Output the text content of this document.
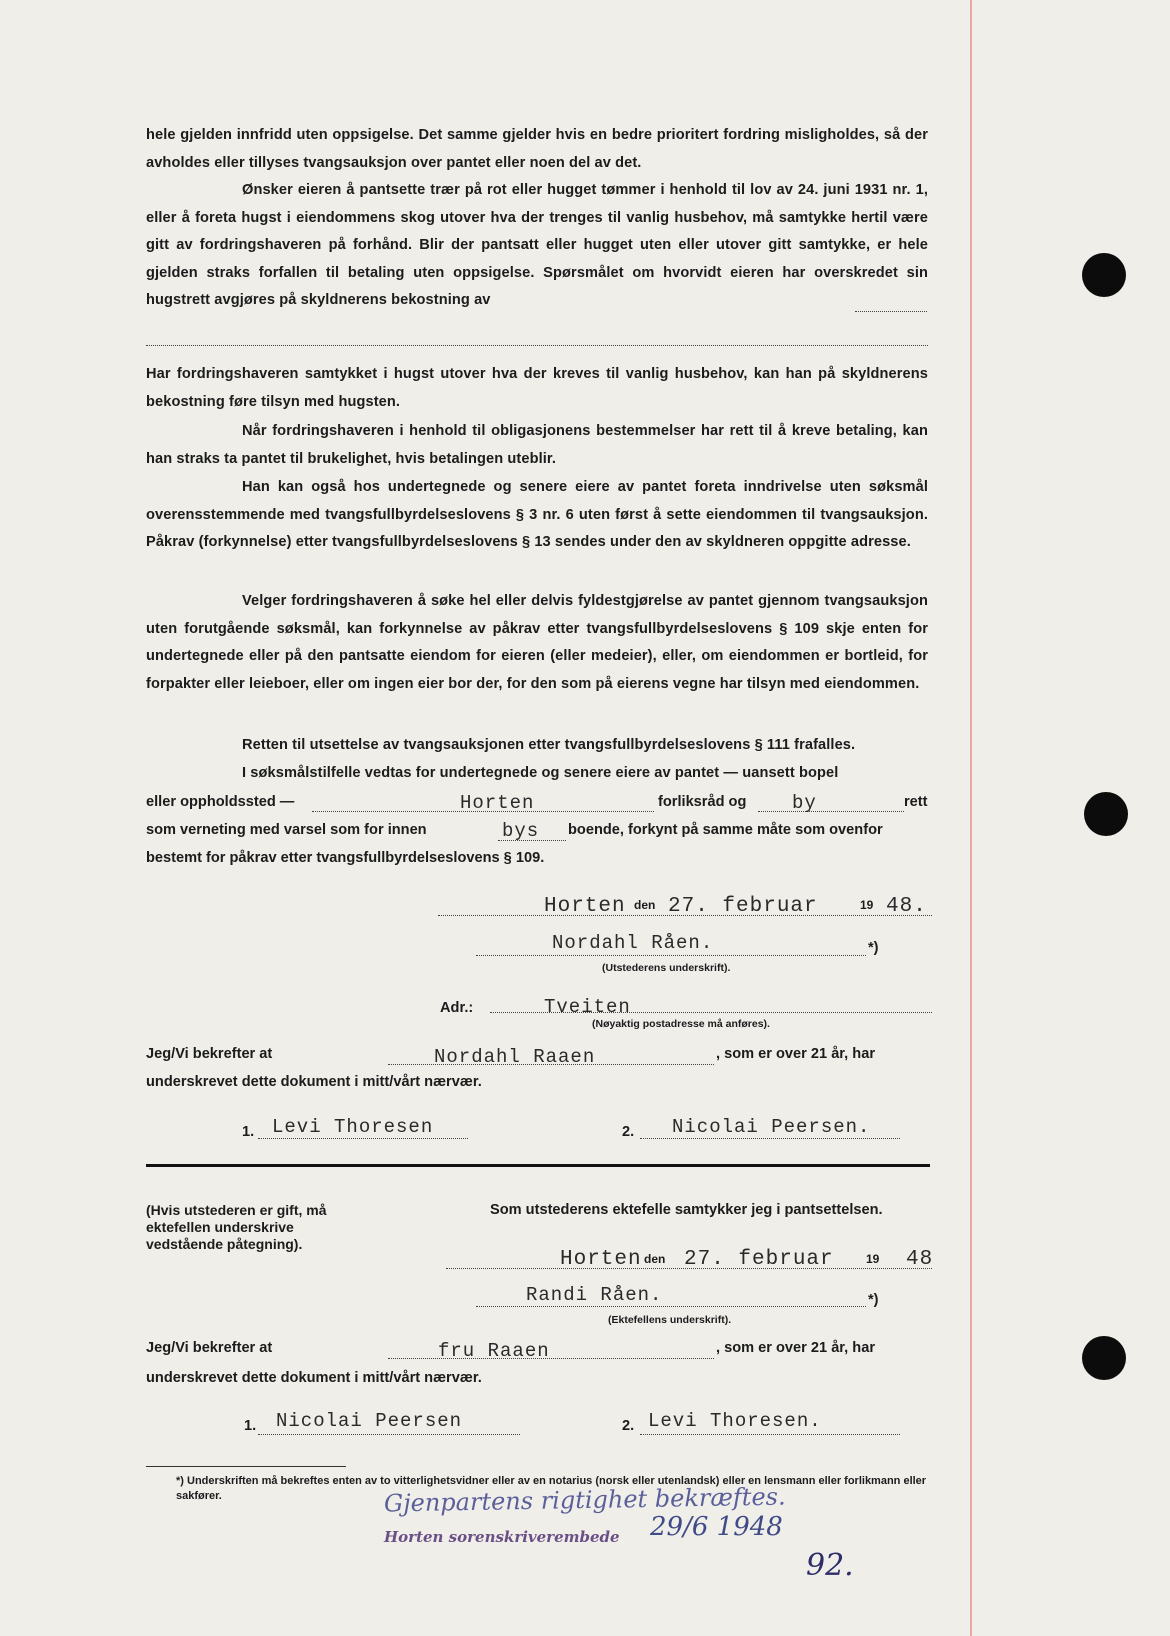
hele gjelden innfridd uten oppsigelse. Det samme gjelder hvis en bedre prioritert fordring misligholdes, så der avholdes eller tillyses tvangsauksjon over pantet eller noen del av det.
Ønsker eieren å pantsette trær på rot eller hugget tømmer i henhold til lov av 24. juni 1931 nr. 1, eller å foreta hugst i eiendommens skog utover hva der trenges til vanlig husbehov, må samtykke hertil være gitt av fordringshaveren på forhånd. Blir der pantsatt eller hugget uten eller utover gitt samtykke, er hele gjelden straks forfallen til betaling uten oppsigelse. Spørsmålet om hvorvidt eieren har overskredet sin hugstrett avgjøres på skyldnerens bekostning av
Har fordringshaveren samtykket i hugst utover hva der kreves til vanlig husbehov, kan han på skyldnerens bekostning føre tilsyn med hugsten.
Når fordringshaveren i henhold til obligasjonens bestemmelser har rett til å kreve betaling, kan han straks ta pantet til brukelighet, hvis betalingen uteblir.
Han kan også hos undertegnede og senere eiere av pantet foreta inndrivelse uten søksmål overensstemmende med tvangsfullbyrdelseslovens § 3 nr. 6 uten først å sette eiendommen til tvangsauksjon. Påkrav (forkynnelse) etter tvangsfullbyrdelseslovens § 13 sendes under den av skyldneren oppgitte adresse.
Velger fordringshaveren å søke hel eller delvis fyldestgjørelse av pantet gjennom tvangsauksjon uten forutgående søksmål, kan forkynnelse av påkrav etter tvangsfullbyrdelseslovens § 109 skje enten for undertegnede eller på den pantsatte eiendom for eieren (eller medeier), eller, om eiendommen er bortleid, for forpakter eller leieboer, eller om ingen eier bor der, for den som på eierens vegne har tilsyn med eiendommen.
Retten til utsettelse av tvangsauksjonen etter tvangsfullbyrdelseslovens § 111 frafalles.
I søksmålstilfelle vedtas for undertegnede og senere eiere av pantet — uansett bopel
eller oppholdssted —	Horten	forliksråd og by	rett
som verneting med varsel som for innen	bys boende, forkynt på samme måte som ovenfor
bestemt for påkrav etter tvangsfullbyrdelseslovens § 109.
Horten den 27. februar	19 48.
Nordahl Råen.	*)
(Utstederens underskrift).
Adr.:	Tveiten
(Nøyaktig postadresse må anføres).
Jeg/Vi bekrefter at	Nordahl Raaen	, som er over 21 år, har
underskrevet dette dokument i mitt/vårt nærvær.
1. Levi Thoresen	2. Nicolai Peersen.
(Hvis utstederen er gift, må ektefellen underskrive vedstående påtegning).
Som utstederens ektefelle samtykker jeg i pantsettelsen.
Horten den 27. februar	19 48
Randi Råen.	*)
(Ektefellens underskrift).
Jeg/Vi bekrefter at	fru Raaen	, som er over 21 år, har
underskrevet dette dokument i mitt/vårt nærvær.
1. Nicolai Peersen	2. Levi Thoresen.
*) Underskriften må bekreftes enten av to vitterlighetsvidner eller av en notarius (norsk eller utenlandsk) eller en lensmann eller forlikmann eller sakfører.	Gjenpartens rigtighet bekræftes.
Horten sorenskriverembede 29/6 1948
92.
